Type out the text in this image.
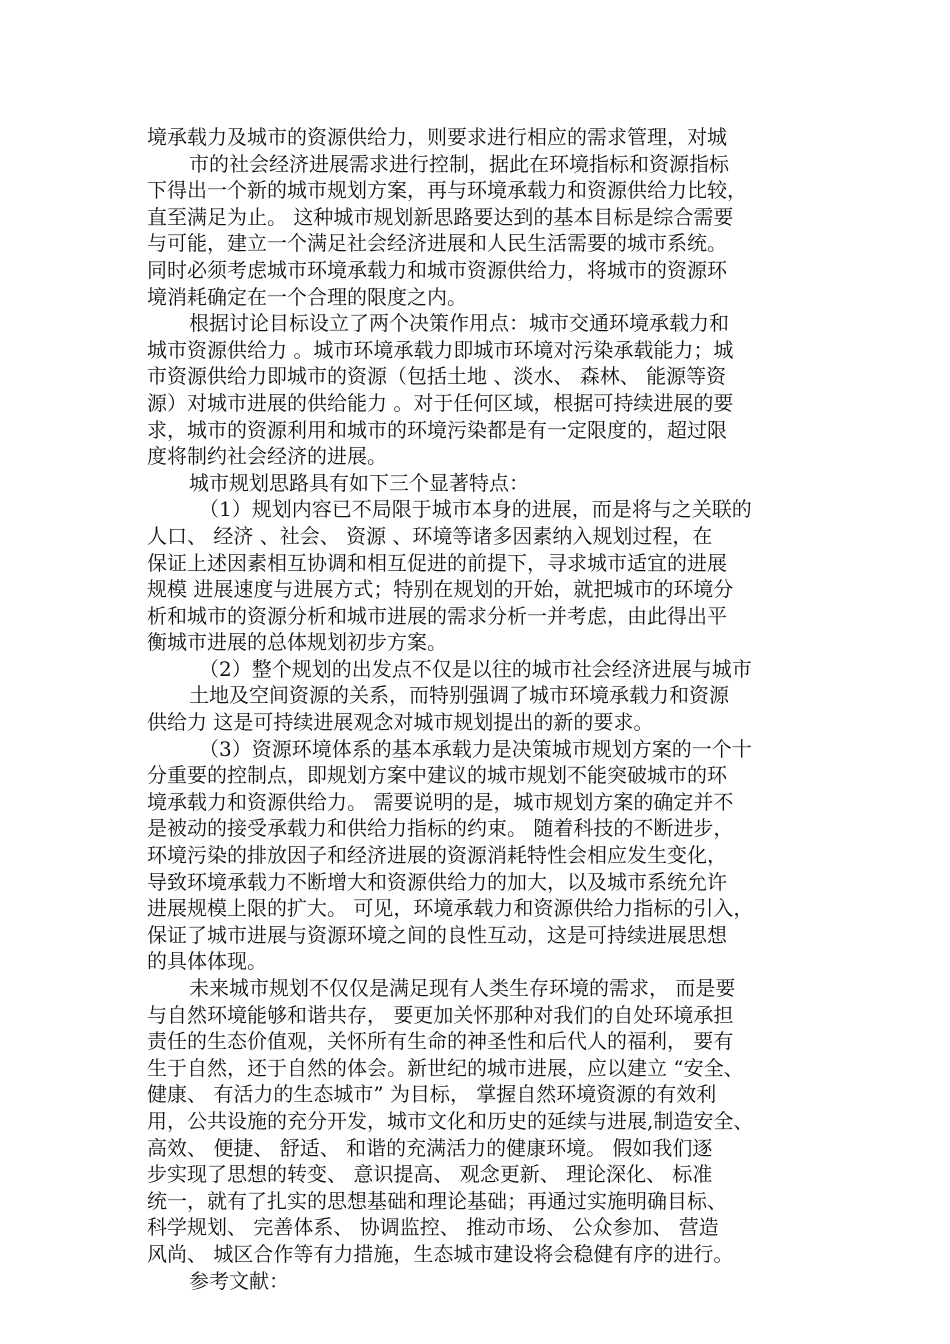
境承载力及城市的资源供给力，则要求进行相应的需求管理，对城
市的社会经济进展需求进行控制，据此在环境指标和资源指标
下得出一个新的城市规划方案，再与环境承载力和资源供给力比较，
直至满足为止。 这种城市规划新思路要达到的基本目标是综合需要
与可能，建立一个满足社会经济进展和人民生活需要的城市系统。
同时必须考虑城市环境承载力和城市资源供给力，将城市的资源环
境消耗确定在一个合理的限度之内。
根据讨论目标设立了两个决策作用点：城市交通环境承载力和
城市资源供给力 。城市环境承载力即城市环境对污染承载能力；城
市资源供给力即城市的资源（包括土地 、淡水、 森林、 能源等资
源）对城市进展的供给能力 。对于任何区域，根据可持续进展的要
求，城市的资源利用和城市的环境污染都是有一定限度的，超过限
度将制约社会经济的进展。
城市规划思路具有如下三个显著特点：
（1）规划内容已不局限于城市本身的进展，而是将与之关联的
人口、 经济 、社会、 资源 、环境等诸多因素纳入规划过程，在
保证上述因素相互协调和相互促进的前提下，寻求城市适宜的进展
规模 进展速度与进展方式；特别在规划的开始，就把城市的环境分
析和城市的资源分析和城市进展的需求分析一并考虑，由此得出平
衡城市进展的总体规划初步方案。
（2）整个规划的出发点不仅是以往的城市社会经济进展与城市
土地及空间资源的关系，而特别强调了城市环境承载力和资源
供给力 这是可持续进展观念对城市规划提出的新的要求。
（3）资源环境体系的基本承载力是决策城市规划方案的一个十
分重要的控制点，即规划方案中建议的城市规划不能突破城市的环
境承载力和资源供给力。 需要说明的是，城市规划方案的确定并不
是被动的接受承载力和供给力指标的约束。 随着科技的不断进步，
环境污染的排放因子和经济进展的资源消耗特性会相应发生变化，
导致环境承载力不断增大和资源供给力的加大，以及城市系统允许
进展规模上限的扩大。 可见，环境承载力和资源供给力指标的引入，
保证了城市进展与资源环境之间的良性互动，这是可持续进展思想
的具体体现。
未来城市规划不仅仅是满足现有人类生存环境的需求， 而是要
与自然环境能够和谐共存， 要更加关怀那种对我们的自处环境承担
责任的生态价值观，关怀所有生命的神圣性和后代人的福利， 要有
生于自然，还于自然的体会。新世纪的城市进展，应以建立 “安全、
健康、 有活力的生态城市” 为目标， 掌握自然环境资源的有效利
用，公共设施的充分开发，城市文化和历史的延续与进展,制造安全、
高效、 便捷、 舒适、 和谐的充满活力的健康环境。 假如我们逐
步实现了思想的转变、 意识提高、 观念更新、 理论深化、 标准
统一，就有了扎实的思想基础和理论基础；再通过实施明确目标、
科学规划、 完善体系、 协调监控、 推动市场、 公众参加、 营造
风尚、 城区合作等有力措施，生态城市建设将会稳健有序的进行。
参考文献：
